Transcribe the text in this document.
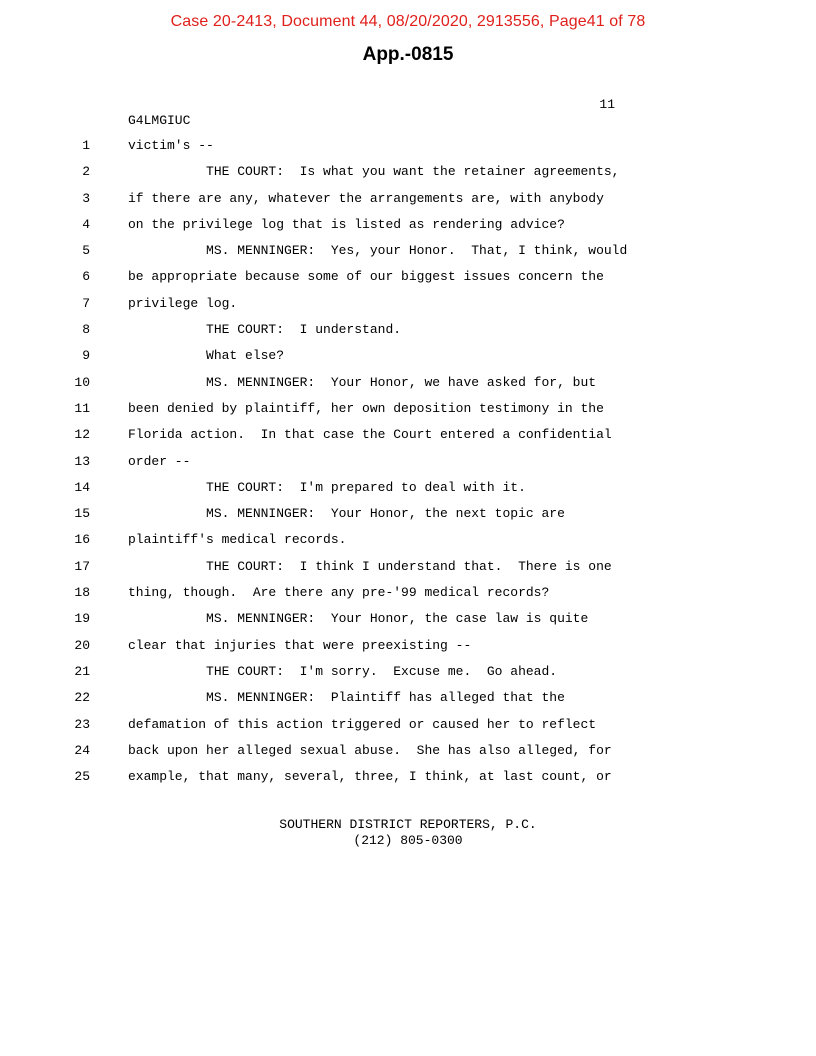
Case 20-2413, Document 44, 08/20/2020, 2913556, Page41 of 78
App.-0815
11
G4LMGIUC
1	victim's --
2	THE COURT:  Is what you want the retainer agreements,
3	if there are any, whatever the arrangements are, with anybody
4	on the privilege log that is listed as rendering advice?
5	MS. MENNINGER:  Yes, your Honor.  That, I think, would
6	be appropriate because some of our biggest issues concern the
7	privilege log.
8	THE COURT:  I understand.
9	What else?
10	MS. MENNINGER:  Your Honor, we have asked for, but
11	been denied by plaintiff, her own deposition testimony in the
12	Florida action.  In that case the Court entered a confidential
13	order --
14	THE COURT:  I'm prepared to deal with it.
15	MS. MENNINGER:  Your Honor, the next topic are
16	plaintiff's medical records.
17	THE COURT:  I think I understand that.  There is one
18	thing, though.  Are there any pre-'99 medical records?
19	MS. MENNINGER:  Your Honor, the case law is quite
20	clear that injuries that were preexisting --
21	THE COURT:  I'm sorry.  Excuse me.  Go ahead.
22	MS. MENNINGER:  Plaintiff has alleged that the
23	defamation of this action triggered or caused her to reflect
24	back upon her alleged sexual abuse.  She has also alleged, for
25	example, that many, several, three, I think, at last count, or
SOUTHERN DISTRICT REPORTERS, P.C.
(212) 805-0300
